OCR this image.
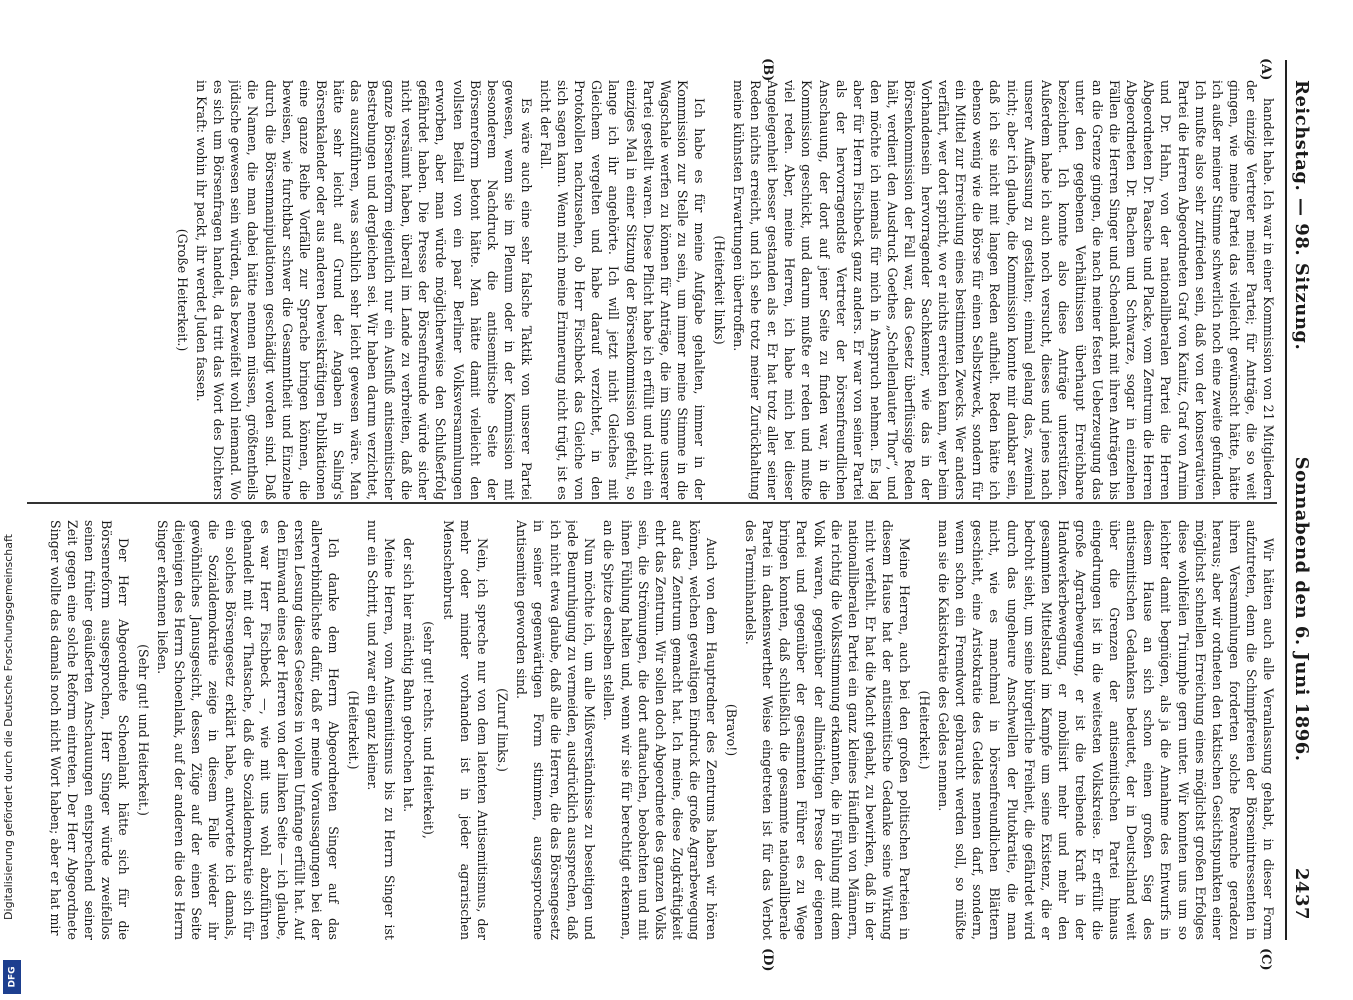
Reichstag. — 98. Sitzung.
Sonnabend den 6. Juni 1896.
2437
(A)
(B)
(C)
(D)

handelt habe. Ich war in einer Kommission von 21 Mitgliedern der einzige Vertreter meiner Partei; für Anträge, die so weit gingen, wie meine Partei das vielleicht gewünscht hätte, hätte ich außer meiner Stimme schwerlich noch eine zweite gefunden. Ich mußte also sehr zufrieden sein, daß von der konservativen Partei die Herren Abgeordneten Graf von Kanitz, Graf von Arnim und Dr. Hahn, von der nationalliberalen Partei die Herren Abgeordneten Dr. Paasche und Placke, vom Zentrum die Herren Abgeordneten Dr. Bachem und Schwarze, sogar in einzelnen Fällen die Herren Singer und Schoenlank mit ihren Anträgen bis an die Grenze gingen, die nach meiner festen Ueberzeugung das unter den gegebenen Verhältnissen überhaupt Erreichbare bezeichnet. Ich konnte also diese Anträge unterstützen. Außerdem habe ich auch noch versucht, dieses und jenes nach unserer Auffassung zu gestalten; einmal gelang das, zweimal nicht; aber ich glaube, die Kommission konnte mir dankbar sein, daß ich sie nicht mit langen Reden aufhielt. Reden hätte ich ebenso wenig wie die Börse für einen Selbstzweck, sondern für ein Mittel zur Erreichung eines bestimmten Zwecks. Wer anders verfährt, wer dort spricht, wo er nichts erreichen kann, wer beim Vorhandensein hervorragender Sachkenner, wie das in der Börsenkommission der Fall war, das Gesetz überflüssige Reden hält, verdient den Ausdruck Goethes „Schellenlauter Thor“, und den möchte ich niemals für mich in Anspruch nehmen. Es lag aber für Herrn Fischbeck ganz anders. Er war von seiner Partei als der hervorragendste Vertreter der börsenfreundlichen Anschauung, der dort auf jener Seite zu finden war, in die Kommission geschickt, und darum mußte er reden und mußte viel reden. Aber, meine Herren, ich habe mich bei dieser Angelegenheit besser gestanden als er. Er hat trotz aller seiner Reden nichts erreicht, und ich sehe trotz meiner Zurückhaltung meine kühnsten Erwartungen übertroffen.

(Heiterkeit links)

Ich habe es für meine Aufgabe gehalten, immer in der Kommission zur Stelle zu sein, um immer meine Stimme in die Wagschale werfen zu können für Anträge, die im Sinne unserer Partei gestellt waren. Diese Pflicht habe ich erfüllt und nicht ein einziges Mal in einer Sitzung der Börsenkommission gefehlt, so lange ich ihr angehörte. Ich will jetzt nicht Gleiches mit Gleichem vergelten und habe darauf verzichtet, in den Protokollen nachzusehen, ob Herr Fischbeck das Gleiche von sich sagen kann. Wenn mich meine Erinnerung nicht trügt, ist es nicht der Fall.

Es wäre auch eine sehr falsche Taktik von unserer Partei gewesen, wenn sie im Plenum oder in der Kommission mit besonderem Nachdruck die antisemitische Seite der Börsenreform betont hätte. Man hätte damit vielleicht den vollsten Beifall von ein paar Berliner Volksversammlungen erworben, aber man würde möglicherweise den Schlußerfolg gefährdet haben. Die Presse der Börsenfreunde würde sicher nicht versäumt haben, überall im Lande zu verbreiten, daß die ganze Börsenreform eigentlich nur ein Ausfluß antisemitischer Bestrebungen und dergleichen sei. Wir haben darum verzichtet, das auszuführen, was sachlich sehr leicht gewesen wäre. Man hätte sehr leicht auf Grund der Angaben in Saling's Börsenkalender oder aus anderen beweiskräftigen Publikationen eine ganze Reihe Vorfälle zur Sprache bringen können, die beweisen, wie furchtbar schwer die Gesammtheit und Einzelne durch die Börsenmanipulationen geschädigt worden sind. Daß die Namen, die man dabei hätte nennen müssen, größtentheils jüdische gewesen sein würden, das bezweifelt wohl niemand. Wo es sich um Börsenfragen handelt, da tritt das Wort des Dichters in Kraft: wohin ihr packt, ihr werdet Juden fassen.

(Große Heiterkeit.)

Wir hätten auch alle Veranlassung gehabt, in dieser Form aufzutreten, denn die Schimpfereien der Börsenintressenten in ihren Versammlungen forderten solche Revanche geradezu heraus; aber wir ordneten den taktischen Gesichtspunkten einer möglichst schnellen Erreichung eines möglichst großen Erfolges diese wohlfeilen Triumphe gern unter. Wir konnten uns um so leichter damit begnügen, als ja die Annahme des Entwurfs in diesem Hause an sich schon einen großen Sieg des antisemitischen Gedankens bedeutet, der in Deutschland weit über die Grenzen der antisemitischen Partei hinaus eingedrungen ist in die weitesten Volkskreise. Er erfüllt die große Agrarbewegung, er ist die treibende Kraft in der Handwerkerbewegung, er mobilisirt mehr und mehr den gesammten Mittelstand im Kampfe um seine Existenz, die er bedroht sieht, um seine bürgerliche Freiheit, die gefährdet wird durch das ungeheure Anschwellen der Plutokratie, die man nicht, wie es manchmal in börsenfreundlichen Blättern geschieht, eine Aristokratie des Geldes nennen darf, sondern, wenn schon ein Fremdwort gebraucht werden soll, so müßte man sie die Kakistokratie des Geldes nennen.

(Heiterkeit.)

Meine Herren, auch bei den großen politischen Parteien in diesem Hause hat der antisemitische Gedanke seine Wirkung nicht verfehlt. Er hat die Macht gehabt, zu bewirken, daß in der nationalliberalen Partei ein ganz kleines Häuflein von Männern, die richtig die Volksstimmung erkannten, die in Fühlung mit dem Volk waren, gegenüber der allmächtigen Presse der eigenen Partei und gegenüber der gesammten Führer es zu Wege bringen konnten, daß schließlich die gesammte nationalliberale Partei in dankenswerther Weise eingetreten ist für das Verbot des Terminhandels.

(Bravo!)

Auch von dem Hauptredner des Zentrums haben wir hören können, welchen gewaltigen Eindruck die große Agrarbewegung auf das Zentrum gemacht hat. Ich meine, diese Zugkräftigkeit ehrt das Zentrum. Wir sollen doch Abgeordnete des ganzen Volks sein, die Strömungen, die dort auftauchen, beobachten und mit ihnen Fühlung halten und, wenn wir sie für berechtigt erkennen, an die Spitze derselben stellen.

Nun möchte ich, um alle Mißverständnisse zu beseitigen und jede Beunruhigung zu vermeiden, ausdrücklich aussprechen, daß ich nicht etwa glaube, daß alle die Herren, die das Börsengesetz in seiner gegenwärtigen Form stimmen, ausgesprochene Antisemiten geworden sind.

(Zuruf links.)

Nein, ich spreche nur von dem latenten Antisemitismus, der mehr oder minder vorhanden ist in jeder agrarischen Menschenbrust

(sehr gut! rechts. und Heiterkeit),

der sich hier mächtig Bahn gebrochen hat.

Meine Herren, vom Antisemitismus bis zu Herrn Singer ist nur ein Schritt, und zwar ein ganz kleiner.

(Heiterkeit.)

Ich danke dem Herrn Abgeordneten Singer auf das allerverbindlichste dafür, daß er meine Voraussagungen bei der ersten Lesung dieses Gesetzes in vollem Umfange erfüllt hat. Auf den Einwand eines der Herren von der linken Seite — ich glaube, es war Herr Fischbeck —, wie mit uns wohl abzuführen gehandelt mit der Thatsache, daß die Sozialdemokratie sich für ein solches Börsengesetz erklärt habe, antwortete ich damals, die Sozialdemokratie zeige in diesem Falle wieder ihr gewöhnliches Janusgesicht, dessen Züge auf der einen Seite diejenigen des Herrn Schoenlank, auf der anderen die des Herrn Singer erkennen ließen.

(Sehr gut! und Heiterkeit.)

Der Herr Abgeordnete Schoenlank hätte sich für die Börsenreform ausgesprochen, Herr Singer würde zweifellos seinen früher geäußerten Anschauungen entsprechend seiner Zeit gegen eine solche Reform eintreten. Der Herr Abgeordnete Singer wollte das damals noch nicht Wort haben; aber er hat mir

Digitalisierung gefördert durch die Deutsche Forschungsgemeinschaft
DFG
